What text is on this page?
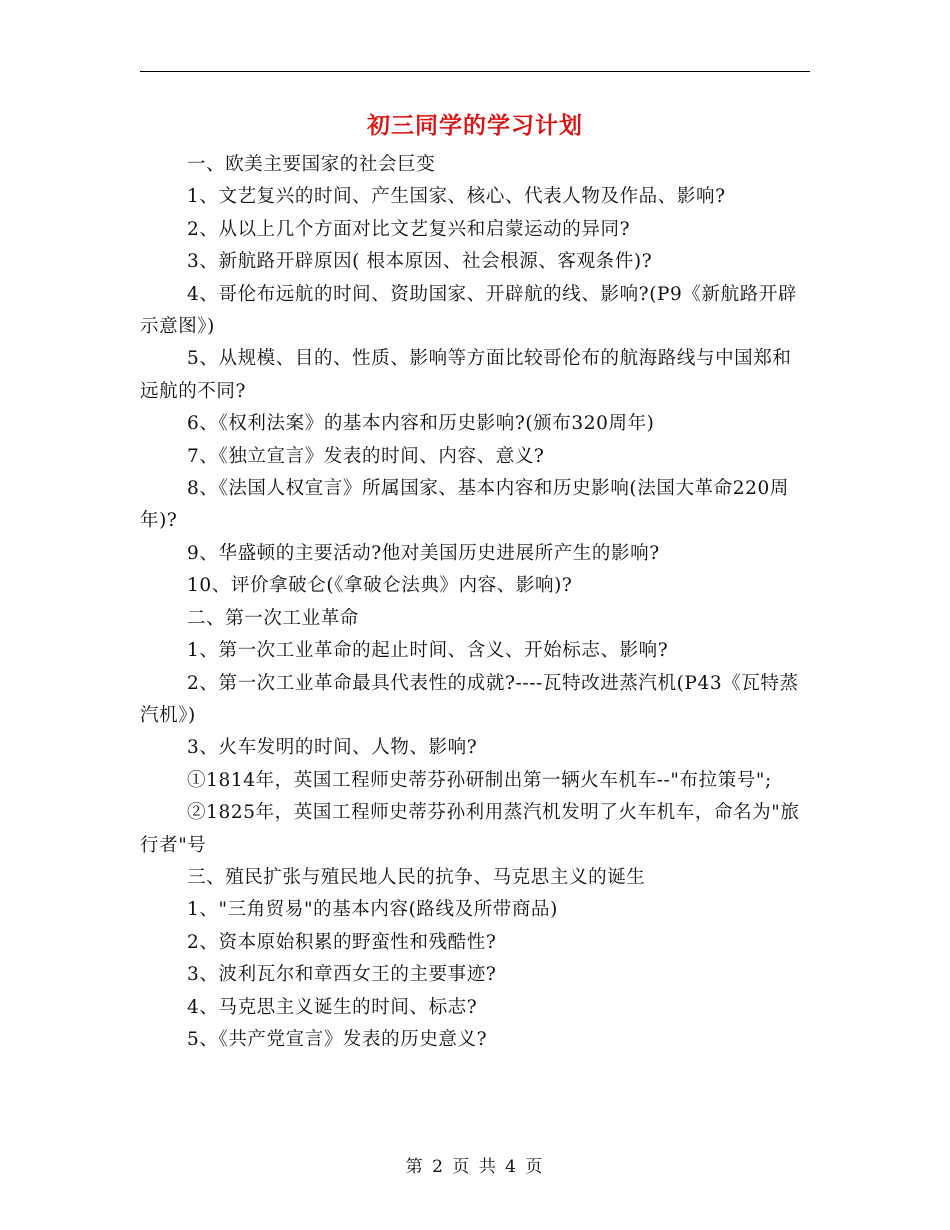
初三同学的学习计划

一、欧美主要国家的社会巨变

1、文艺复兴的时间、产生国家、核心、代表人物及作品、影响?

2、从以上几个方面对比文艺复兴和启蒙运动的异同?

3、新航路开辟原因( 根本原因、社会根源、客观条件)?

4、哥伦布远航的时间、资助国家、开辟航的线、影响?(P9《新航路开辟示意图》)

5、从规模、目的、性质、影响等方面比较哥伦布的航海路线与中国郑和远航的不同?

6、《权利法案》的基本内容和历史影响?(颁布320周年)

7、《独立宣言》发表的时间、内容、意义?

8、《法国人权宣言》所属国家、基本内容和历史影响(法国大革命220周年)?

9、华盛顿的主要活动?他对美国历史进展所产生的影响?

10、评价拿破仑(《拿破仑法典》内容、影响)?

二、第一次工业革命

1、第一次工业革命的起止时间、含义、开始标志、影响?

2、第一次工业革命最具代表性的成就?----瓦特改进蒸汽机(P43《瓦特蒸汽机》)

3、火车发明的时间、人物、影响?

①1814年，英国工程师史蒂芬孙研制出第一辆火车机车--"布拉策号";

②1825年，英国工程师史蒂芬孙利用蒸汽机发明了火车机车，命名为"旅行者"号

三、殖民扩张与殖民地人民的抗争、马克思主义的诞生

1、"三角贸易"的基本内容(路线及所带商品)

2、资本原始积累的野蛮性和残酷性?

3、波利瓦尔和章西女王的主要事迹?

4、马克思主义诞生的时间、标志?

5、《共产党宣言》发表的历史意义?

第 2 页 共 4 页
